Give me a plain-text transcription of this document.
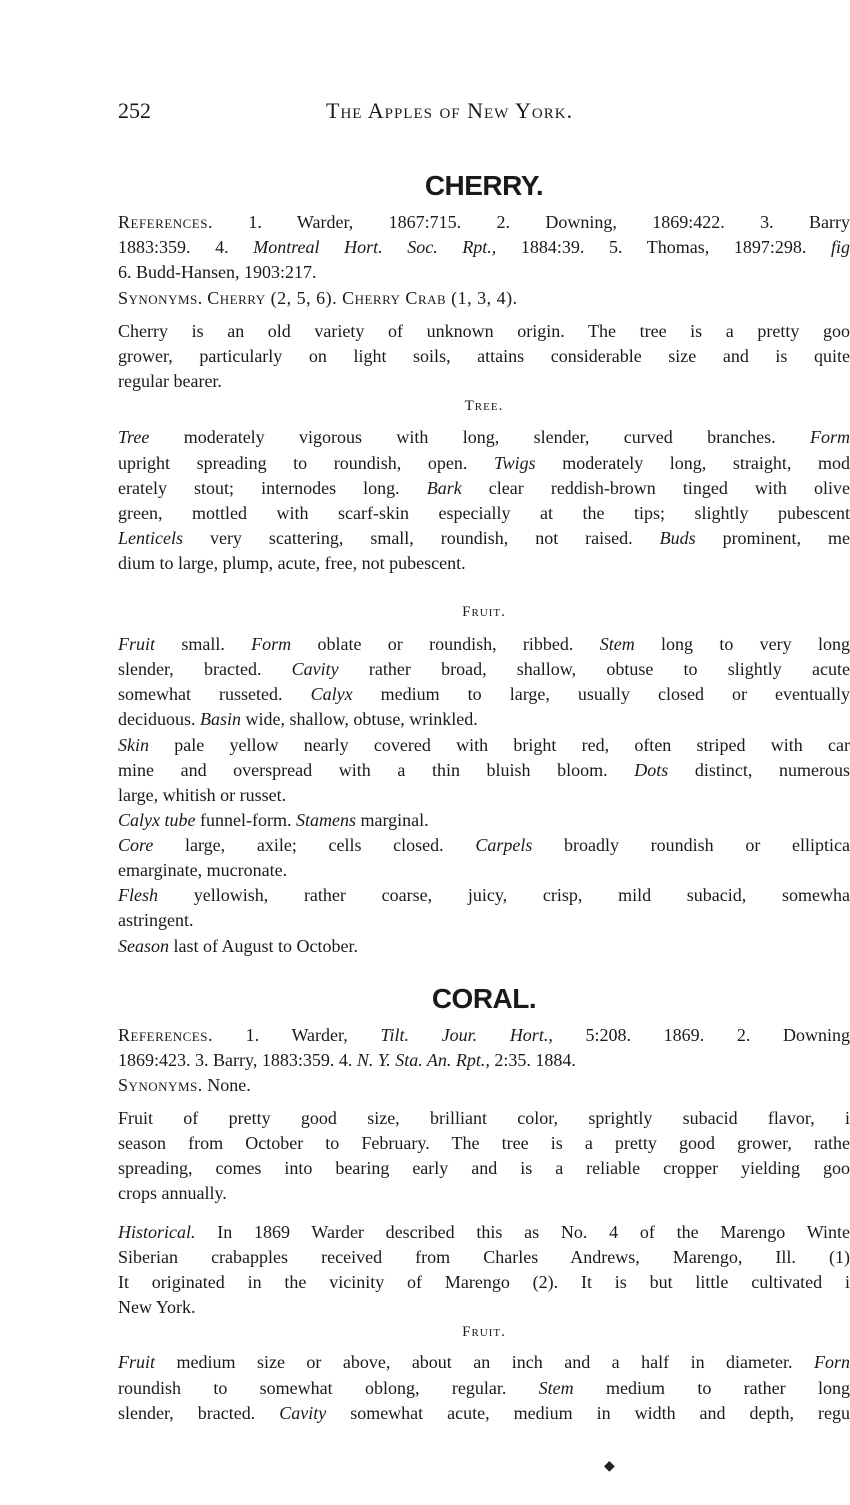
252	The Apples of New York.
CHERRY.
References. 1. Warder, 1867:715. 2. Downing, 1869:422. 3. Barry
1883:359. 4. Montreal Hort. Soc. Rpt., 1884:39. 5. Thomas, 1897:298. fig
6. Budd-Hansen, 1903:217.
Synonyms. Cherry (2, 5, 6). Cherry Crab (1, 3, 4).
Cherry is an old variety of unknown origin. The tree is a pretty goo
grower, particularly on light soils, attains considerable size and is quite
regular bearer.
Tree.
Tree moderately vigorous with long, slender, curved branches. Form
upright spreading to roundish, open. Twigs moderately long, straight, mod
erately stout; internodes long. Bark clear reddish-brown tinged with olive
green, mottled with scarf-skin especially at the tips; slightly pubescent
Lenticels very scattering, small, roundish, not raised. Buds prominent, me
dium to large, plump, acute, free, not pubescent.
Fruit.
Fruit small. Form oblate or roundish, ribbed. Stem long to very long
slender, bracted. Cavity rather broad, shallow, obtuse to slightly acute
somewhat russeted. Calyx medium to large, usually closed or eventually
deciduous. Basin wide, shallow, obtuse, wrinkled.
Skin pale yellow nearly covered with bright red, often striped with car
mine and overspread with a thin bluish bloom. Dots distinct, numerous
large, whitish or russet.
Calyx tube funnel-form. Stamens marginal.
Core large, axile; cells closed. Carpels broadly roundish or elliptica
emarginate, mucronate.
Flesh yellowish, rather coarse, juicy, crisp, mild subacid, somewha
astringent.
Season last of August to October.
CORAL.
References. 1. Warder, Tilt. Jour. Hort., 5:208. 1869. 2. Downing
1869:423. 3. Barry, 1883:359. 4. N. Y. Sta. An. Rpt., 2:35. 1884.
Synonyms. None.
Fruit of pretty good size, brilliant color, sprightly subacid flavor, i
season from October to February. The tree is a pretty good grower, rathe
spreading, comes into bearing early and is a reliable cropper yielding goo
crops annually.
Historical. In 1869 Warder described this as No. 4 of the Marengo Winte
Siberian crabapples received from Charles Andrews, Marengo, Ill. (1)
It originated in the vicinity of Marengo (2). It is but little cultivated i
New York.
Fruit.
Fruit medium size or above, about an inch and a half in diameter. Forn
roundish to somewhat oblong, regular. Stem medium to rather long
slender, bracted. Cavity somewhat acute, medium in width and depth, regu
◆
